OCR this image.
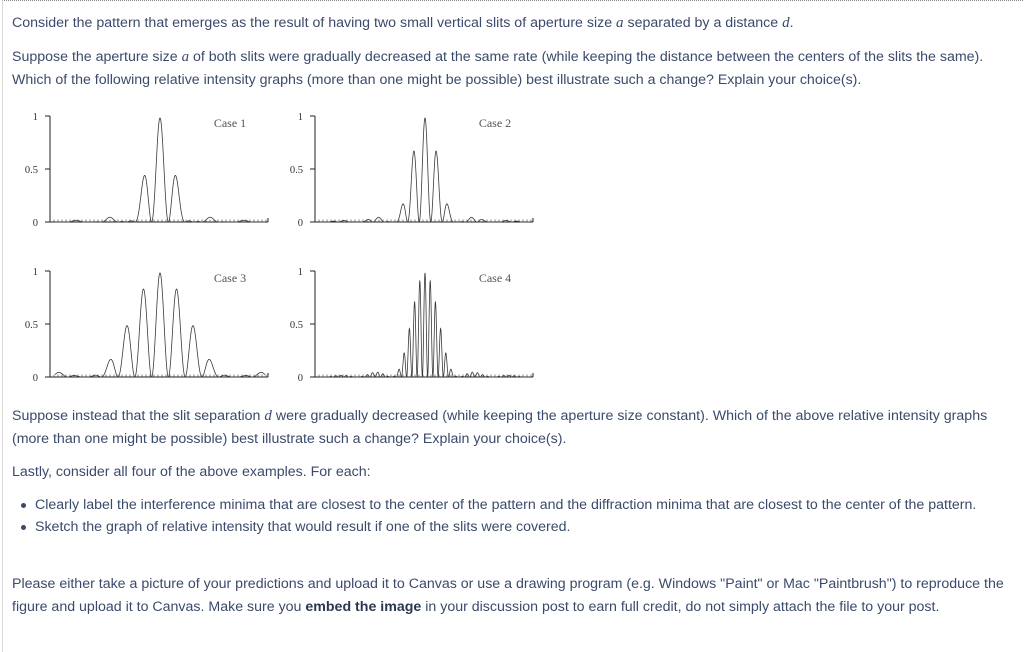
Consider the pattern that emerges as the result of having two small vertical slits of aperture size a separated by a distance d.

Suppose the aperture size a of both slits were gradually decreased at the same rate (while keeping the distance between the centers of the slits the same). Which of the following relative intensity graphs (more than one might be possible) best illustrate such a change? Explain your choice(s).

1
0.5
0
Case 1	1
0.5
0
Case 2
1
0.5
0
Case 3	1
0.5
0
Case 4

Suppose instead that the slit separation d were gradually decreased (while keeping the aperture size constant). Which of the above relative intensity graphs (more than one might be possible) best illustrate such a change? Explain your choice(s).

Lastly, consider all four of the above examples. For each:

Clearly label the interference minima that are closest to the center of the pattern and the diffraction minima that are closest to the center of the pattern.
Sketch the graph of relative intensity that would result if one of the slits were covered.

Please either take a picture of your predictions and upload it to Canvas or use a drawing program (e.g. Windows "Paint" or Mac "Paintbrush") to reproduce the figure and upload it to Canvas. Make sure you embed the image in your discussion post to earn full credit, do not simply attach the file to your post.
